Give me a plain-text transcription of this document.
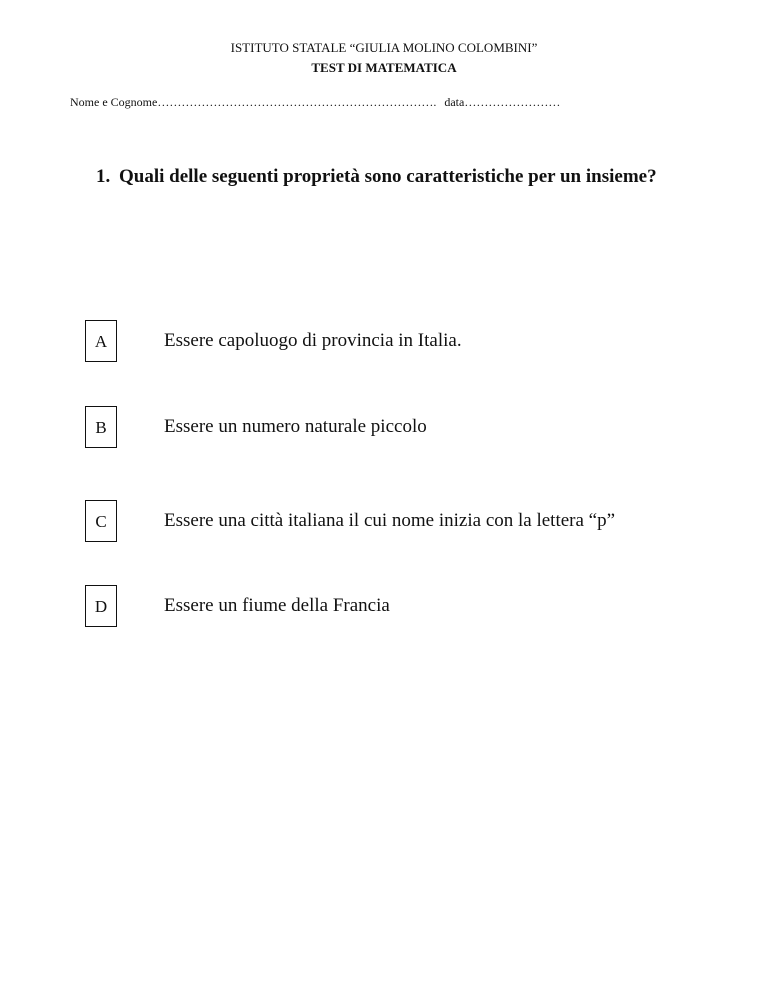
ISTITUTO STATALE “GIULIA MOLINO COLOMBINI”
TEST DI MATEMATICA
Nome e Cognome……………………………………………………………. data……………………
1. Quali delle seguenti proprietà sono caratteristiche per un insieme?
A	Essere capoluogo di provincia in Italia.
B	Essere un numero naturale piccolo
C	Essere una città italiana il cui nome inizia con la lettera “p”
D	Essere un fiume della Francia
